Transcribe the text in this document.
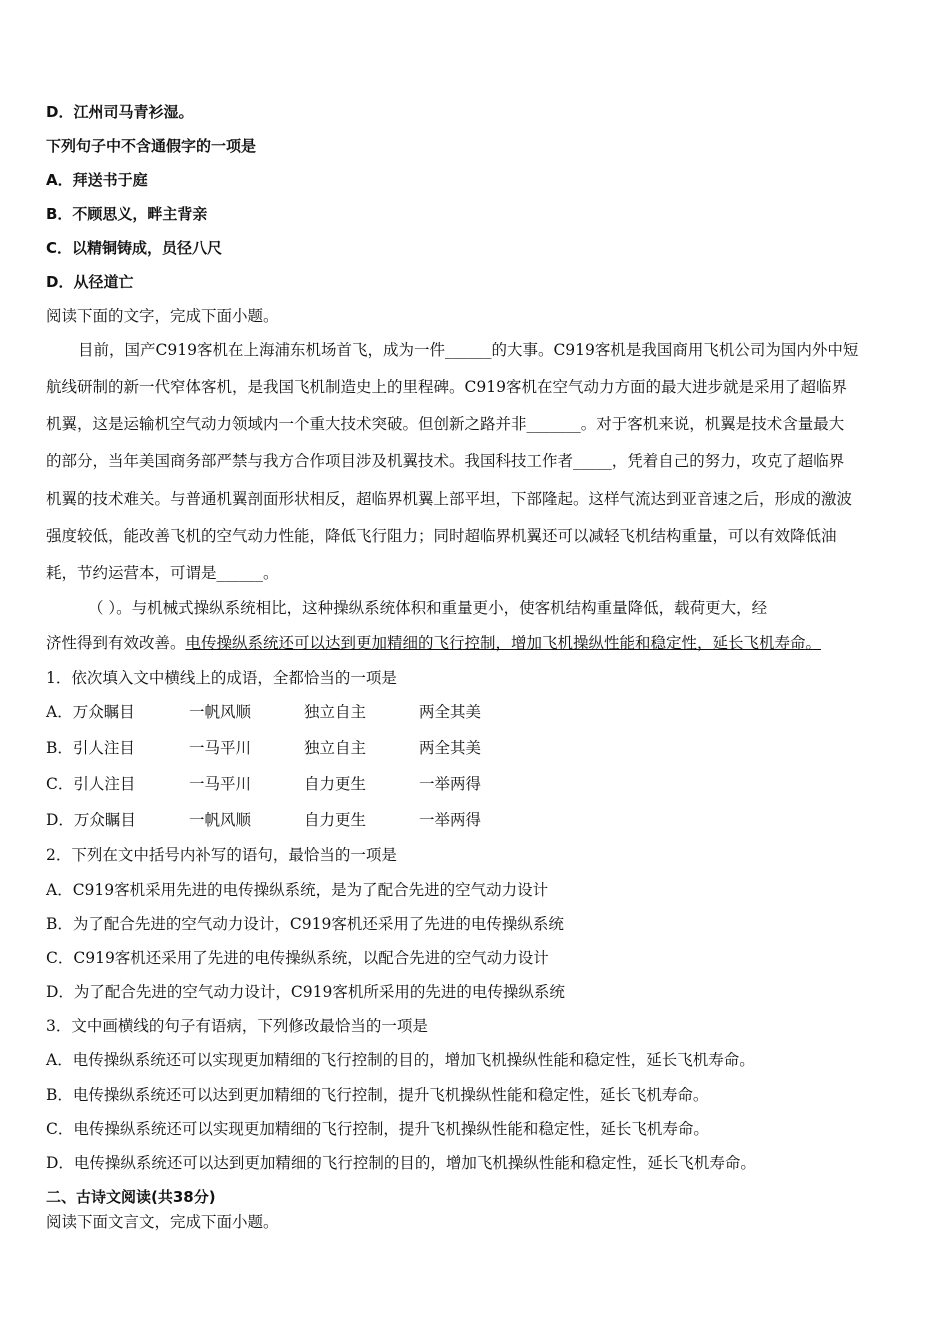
D．江州司马青衫湿。
下列句子中不含通假字的一项是
A．拜送书于庭
B．不顾思义，畔主背亲
C．以精铜铸成，员径八尺
D．从径道亡
阅读下面的文字，完成下面小题。
目前，国产C919客机在上海浦东机场首飞，成为一件______的大事。C919客机是我国商用飞机公司为国内外中短
航线研制的新一代窄体客机，是我国飞机制造史上的里程碑。C919客机在空气动力方面的最大进步就是采用了超临界
机翼，这是运输机空气动力领域内一个重大技术突破。但创新之路并非_______。对于客机来说，机翼是技术含量最大
的部分，当年美国商务部严禁与我方合作项目涉及机翼技术。我国科技工作者_____，凭着自己的努力，攻克了超临界
机翼的技术难关。与普通机翼剖面形状相反，超临界机翼上部平坦，下部隆起。这样气流达到亚音速之后，形成的激波
强度较低，能改善飞机的空气动力性能，降低飞行阻力；同时超临界机翼还可以减轻飞机结构重量，可以有效降低油
耗，节约运营本，可谓是______。
（ ）。与机械式操纵系统相比，这种操纵系统体积和重量更小，使客机结构重量降低，载荷更大，经
济性得到有效改善。电传操纵系统还可以达到更加精细的飞行控制，增加飞机操纵性能和稳定性，延长飞机寿命。
1．依次填入文中横线上的成语，全都恰当的一项是
A．万众瞩目	一帆风顺	独立自主	两全其美
B．引人注目	一马平川	独立自主	两全其美
C．引人注目	一马平川	自力更生	一举两得
D．万众瞩目	一帆风顺	自力更生	一举两得
2．下列在文中括号内补写的语句，最恰当的一项是
A．C919客机采用先进的电传操纵系统，是为了配合先进的空气动力设计
B．为了配合先进的空气动力设计，C919客机还采用了先进的电传操纵系统
C．C919客机还采用了先进的电传操纵系统，以配合先进的空气动力设计
D．为了配合先进的空气动力设计，C919客机所采用的先进的电传操纵系统
3．文中画横线的句子有语病，下列修改最恰当的一项是
A．电传操纵系统还可以实现更加精细的飞行控制的目的，增加飞机操纵性能和稳定性，延长飞机寿命。
B．电传操纵系统还可以达到更加精细的飞行控制，提升飞机操纵性能和稳定性，延长飞机寿命。
C．电传操纵系统还可以实现更加精细的飞行控制，提升飞机操纵性能和稳定性，延长飞机寿命。
D．电传操纵系统还可以达到更加精细的飞行控制的目的，增加飞机操纵性能和稳定性，延长飞机寿命。
二、古诗文阅读(共38分)
阅读下面文言文，完成下面小题。
